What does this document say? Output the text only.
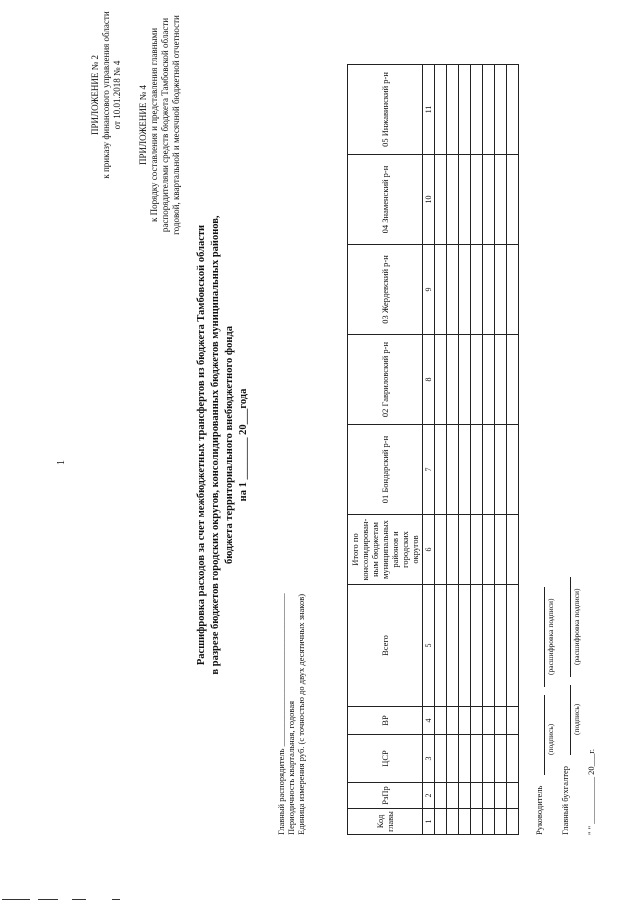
1
ПРИЛОЖЕНИЕ № 2 к приказу финансового управления области от 10.01.2018 № 4 ПРИЛОЖЕНИЕ № 4 к Порядку составления и представления главными распорядителями средств бюджета Тамбовской области годовой, квартальной и месячной бюджетной отчетности
Расшифровка расходов за счет межбюджетных трансфертов из бюджета Тамбовской области в разрезе бюджетов городских округов, консолидированных бюджетов муниципальных районов, бюджета территориального внебюджетного фонда на 1 ________ 20___года
Главный распорядитель ____________________________________ Периодичность квартальная, годовая Единица измерения руб. (с точностью до двух десятичных знаков)	Код главы	РзПр	ЦСР	ВР	Всего	Итого по консолидирован-ным бюджетам муниципальных районов и городских округов	01 Бондарский р-н	02 Гавриловский р-н	03 Жердевский р-н	04 Знаменский р-н	05 Инжавинский р-н
1	2	3	4	5	6	7	8	9	10	11

Руководитель
(подпись)
(расшифровка подписи)
Главный бухгалтер
(подпись)
(расшифровка подписи)
" " ___________ 20___г.
